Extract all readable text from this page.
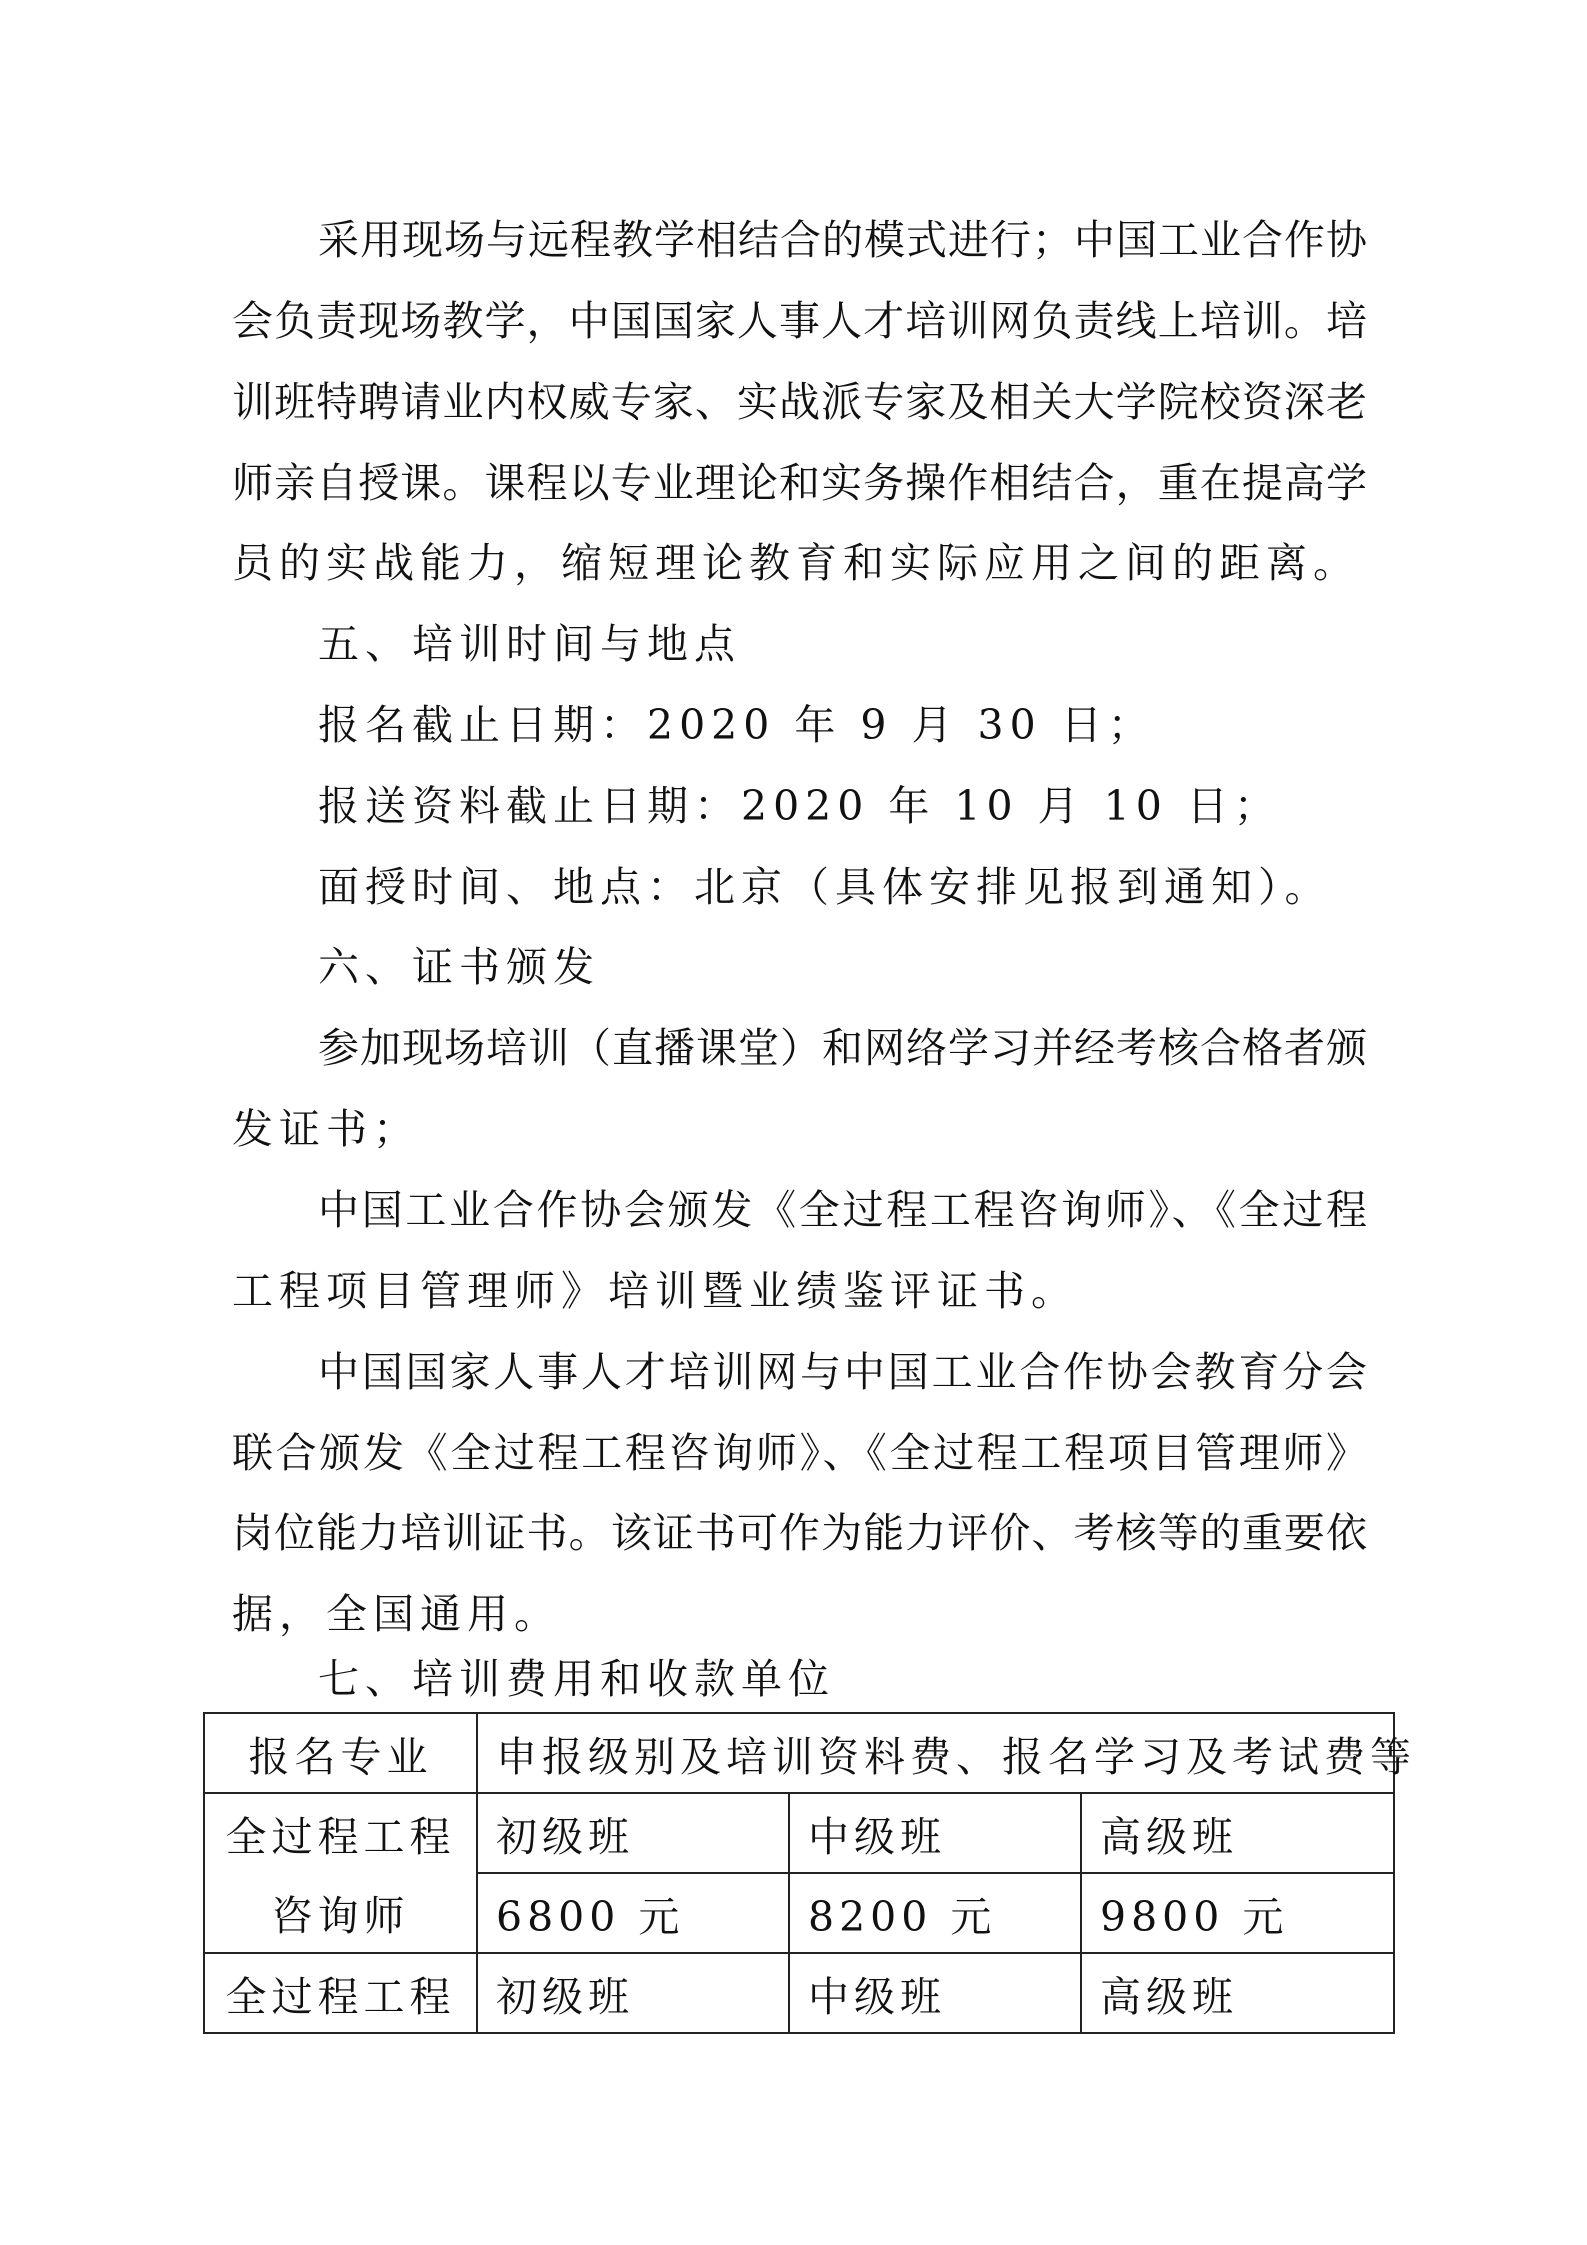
采用现场与远程教学相结合的模式进行；中国工业合作协
会负责现场教学，中国国家人事人才培训网负责线上培训。培
训班特聘请业内权威专家、实战派专家及相关大学院校资深老
师亲自授课。课程以专业理论和实务操作相结合，重在提高学
员的实战能力，缩短理论教育和实际应用之间的距离。
五、培训时间与地点
报名截止日期：2020 年 9 月 30 日；
报送资料截止日期：2020 年 10 月 10 日；
面授时间、地点：北京（具体安排见报到通知）。
六、证书颁发
参加现场培训（直播课堂）和网络学习并经考核合格者颁
发证书；
中国工业合作协会颁发《全过程工程咨询师》、《全过程
工程项目管理师》培训暨业绩鉴评证书。
中国国家人事人才培训网与中国工业合作协会教育分会
联合颁发《全过程工程咨询师》、《全过程工程项目管理师》
岗位能力培训证书。该证书可作为能力评价、考核等的重要依
据，全国通用。
七、培训费用和收款单位
报名专业	申报级别及培训资料费、报名学习及考试费等		
全过程工程	初级班	中级班	高级班
咨询师	6800 元	8200 元	9800 元
全过程工程	初级班	中级班	高级班
